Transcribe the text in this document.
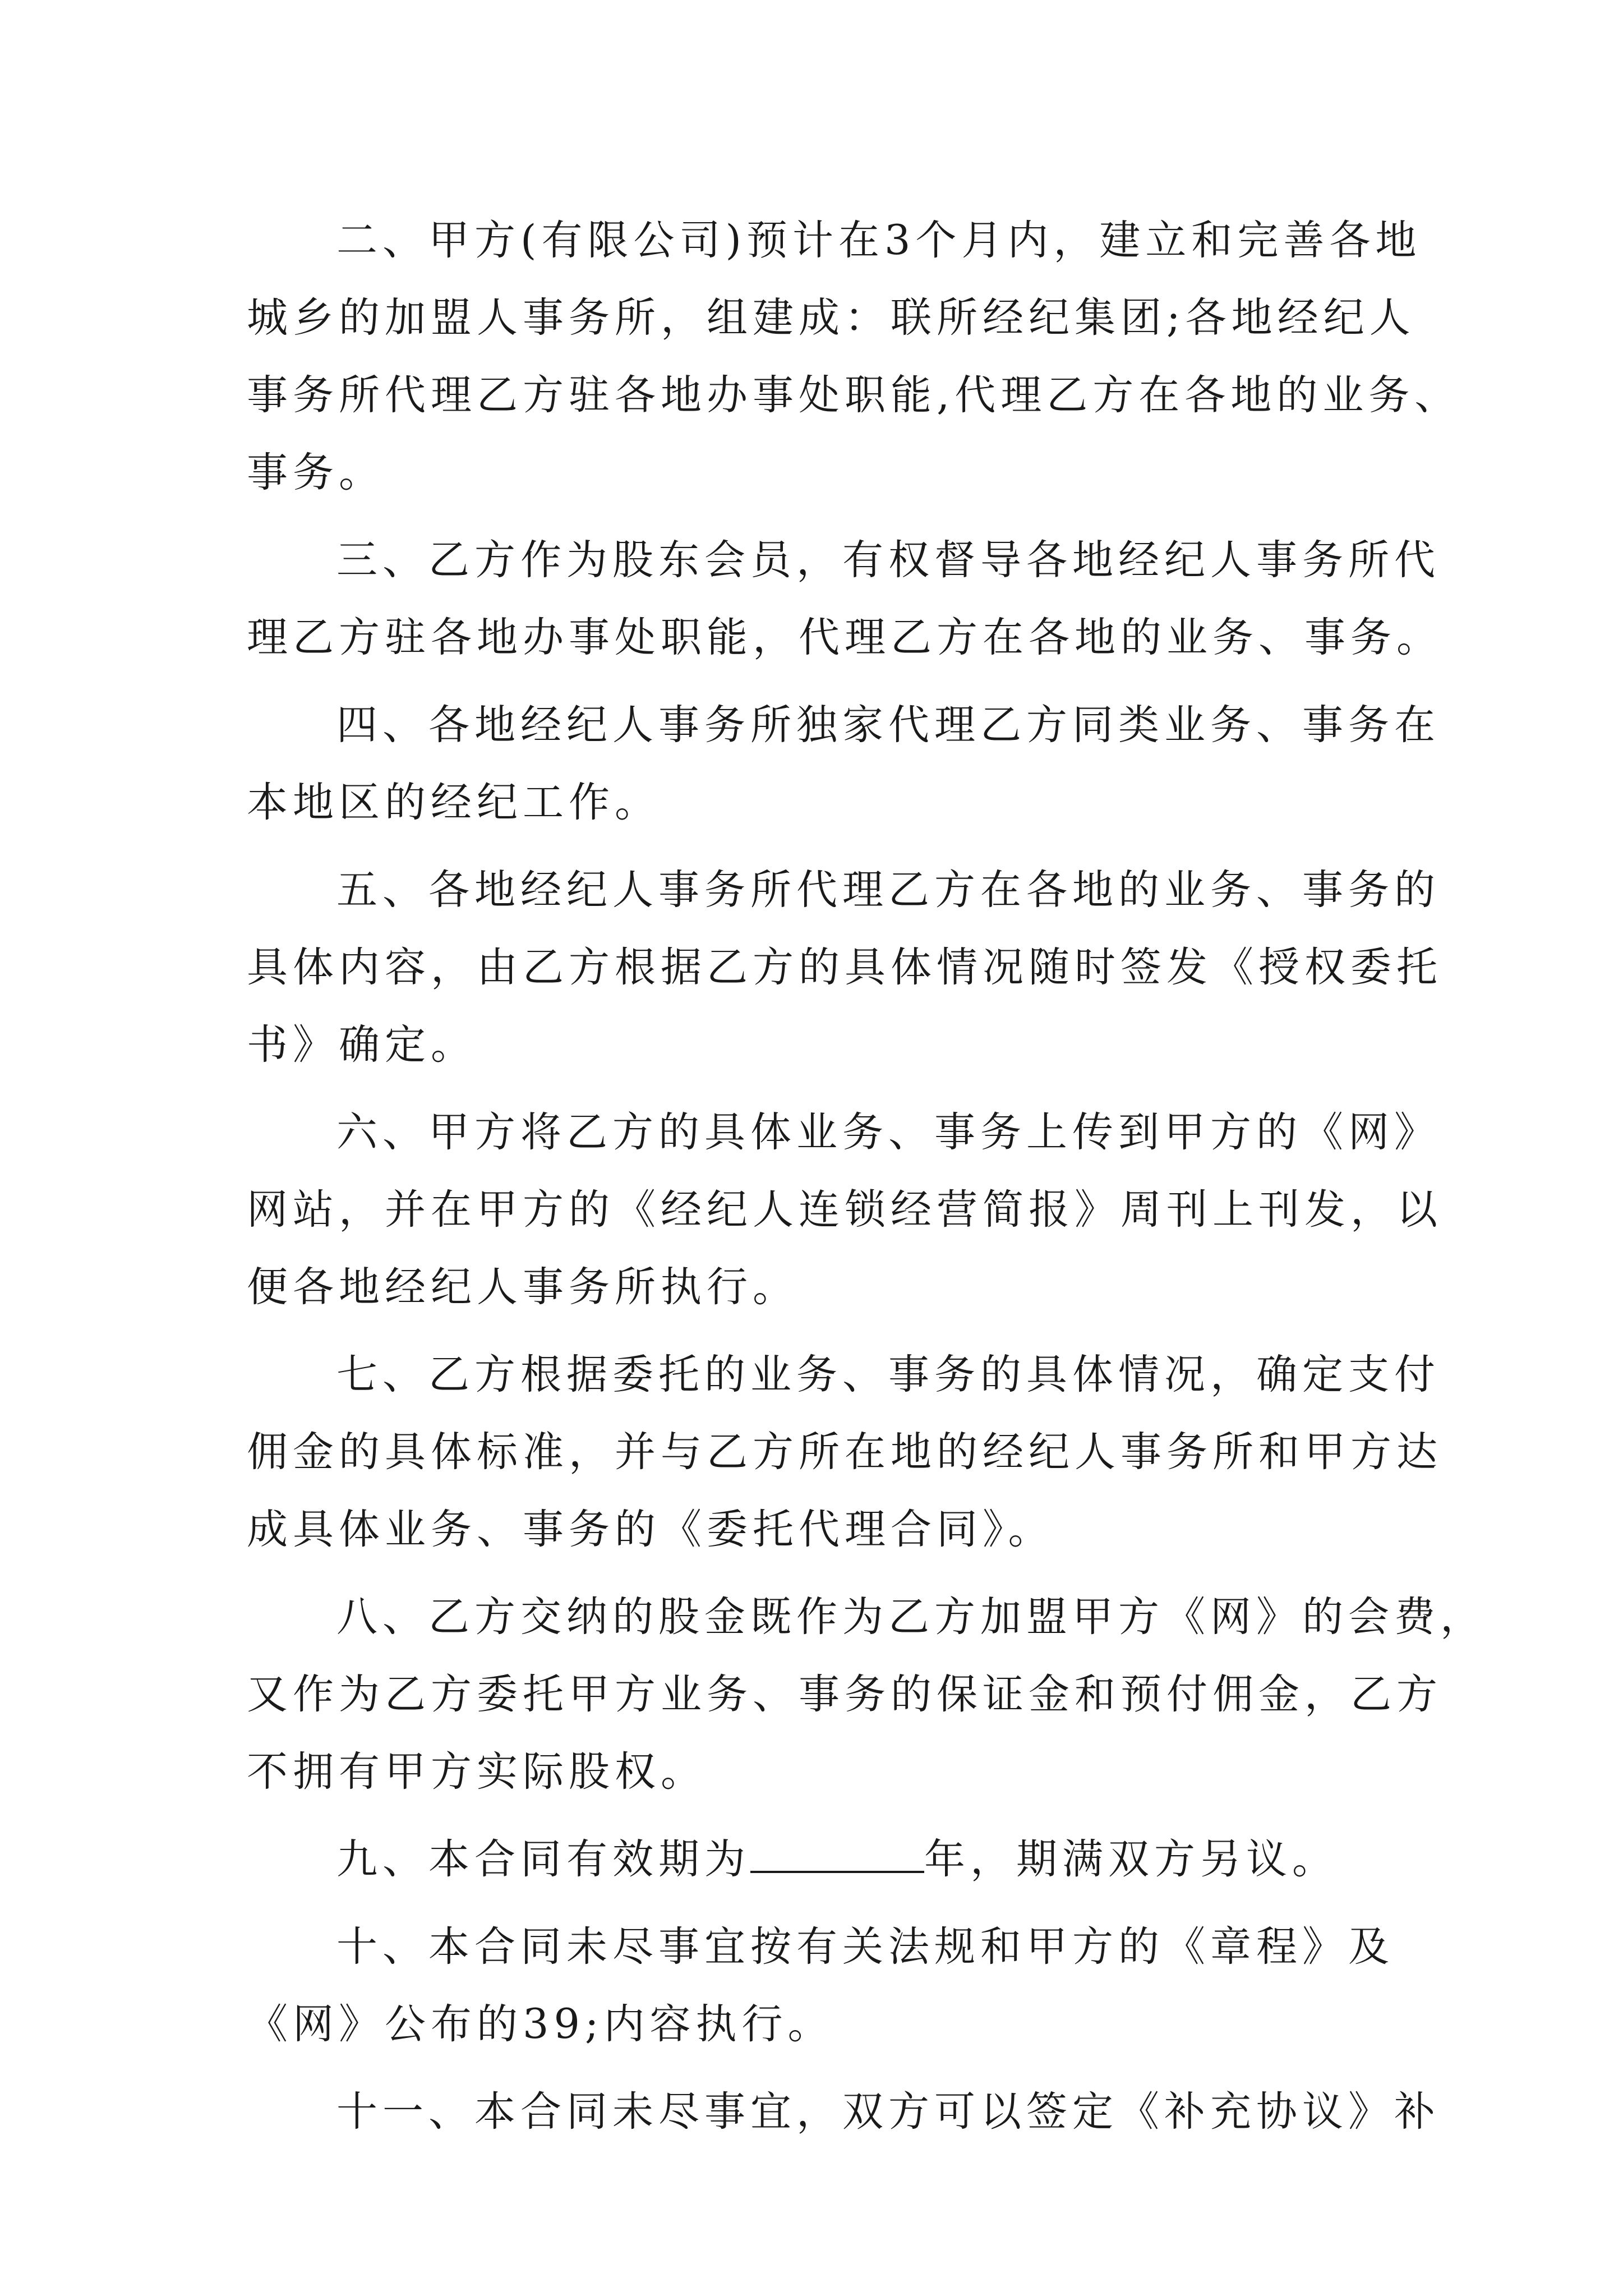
二、甲方(有限公司)预计在3个月内，建立和完善各地
城乡的加盟人事务所，组建成：联所经纪集团;各地经纪人
事务所代理乙方驻各地办事处职能,代理乙方在各地的业务、
事务。
三、乙方作为股东会员，有权督导各地经纪人事务所代
理乙方驻各地办事处职能，代理乙方在各地的业务、事务。
四、各地经纪人事务所独家代理乙方同类业务、事务在
本地区的经纪工作。
五、各地经纪人事务所代理乙方在各地的业务、事务的
具体内容，由乙方根据乙方的具体情况随时签发《授权委托
书》确定。
六、甲方将乙方的具体业务、事务上传到甲方的《网》
网站，并在甲方的《经纪人连锁经营简报》周刊上刊发，以
便各地经纪人事务所执行。
七、乙方根据委托的业务、事务的具体情况，确定支付
佣金的具体标准，并与乙方所在地的经纪人事务所和甲方达
成具体业务、事务的《委托代理合同》。
八、乙方交纳的股金既作为乙方加盟甲方《网》的会费，
又作为乙方委托甲方业务、事务的保证金和预付佣金，乙方
不拥有甲方实际股权。
九、本合同有效期为	年，期满双方另议。
十、本合同未尽事宜按有关法规和甲方的《章程》及
《网》公布的39;内容执行。
十一、本合同未尽事宜，双方可以签定《补充协议》补
